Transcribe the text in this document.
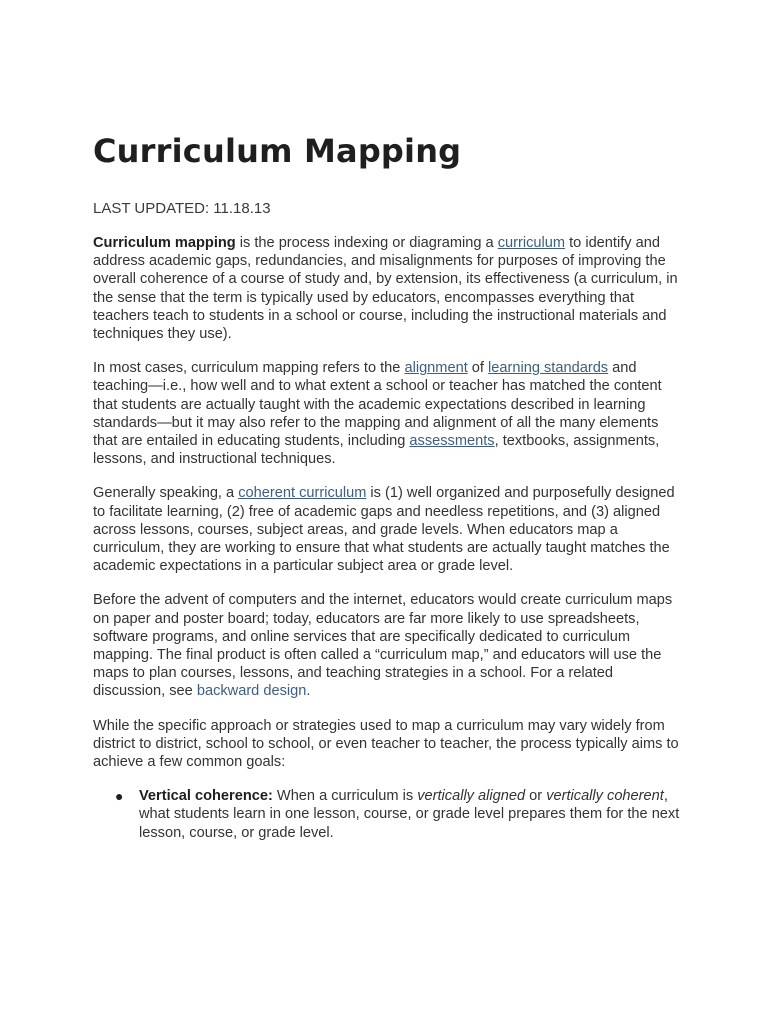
Curriculum Mapping
LAST UPDATED: 11.18.13

Curriculum mapping is the process indexing or diagraming a curriculum to identify and address academic gaps, redundancies, and misalignments for purposes of improving the overall coherence of a course of study and, by extension, its effectiveness (a curriculum, in the sense that the term is typically used by educators, encompasses everything that teachers teach to students in a school or course, including the instructional materials and techniques they use).

In most cases, curriculum mapping refers to the alignment of learning standards and teaching—i.e., how well and to what extent a school or teacher has matched the content that students are actually taught with the academic expectations described in learning standards—but it may also refer to the mapping and alignment of all the many elements that are entailed in educating students, including assessments, textbooks, assignments, lessons, and instructional techniques.

Generally speaking, a coherent curriculum is (1) well organized and purposefully designed to facilitate learning, (2) free of academic gaps and needless repetitions, and (3) aligned across lessons, courses, subject areas, and grade levels. When educators map a curriculum, they are working to ensure that what students are actually taught matches the academic expectations in a particular subject area or grade level.

Before the advent of computers and the internet, educators would create curriculum maps on paper and poster board; today, educators are far more likely to use spreadsheets, software programs, and online services that are specifically dedicated to curriculum mapping. The final product is often called a “curriculum map,” and educators will use the maps to plan courses, lessons, and teaching strategies in a school. For a related discussion, see backward design.

While the specific approach or strategies used to map a curriculum may vary widely from district to district, school to school, or even teacher to teacher, the process typically aims to achieve a few common goals:

● Vertical coherence: When a curriculum is vertically aligned or vertically coherent, what students learn in one lesson, course, or grade level prepares them for the next lesson, course, or grade level.
